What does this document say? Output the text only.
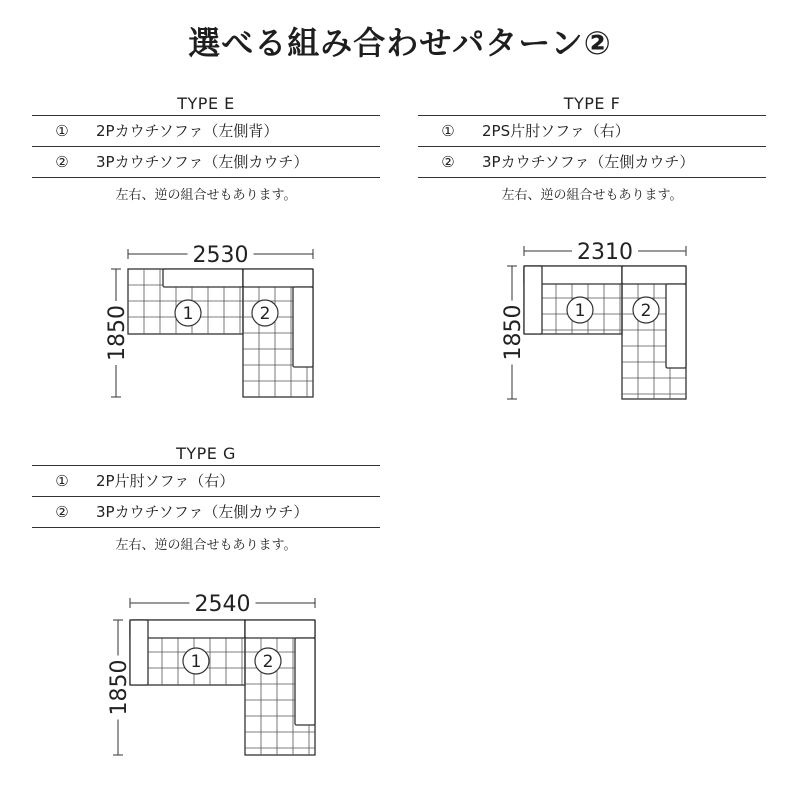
選べる組み合わせパターン②
TYPE E
①	2Pカウチソファ（左側背）
②	3Pカウチソファ（左側カウチ）
左右、逆の組合せもあります。
TYPE F
①	2PS片肘ソファ（右）
②	3Pカウチソファ（左側カウチ）
左右、逆の組合せもあります。
TYPE G
①	2P片肘ソファ（右）
②	3Pカウチソファ（左側カウチ）
左右、逆の組合せもあります。
1	2
2530
1850	1	2
2310
1850
1	2
2540
1850
